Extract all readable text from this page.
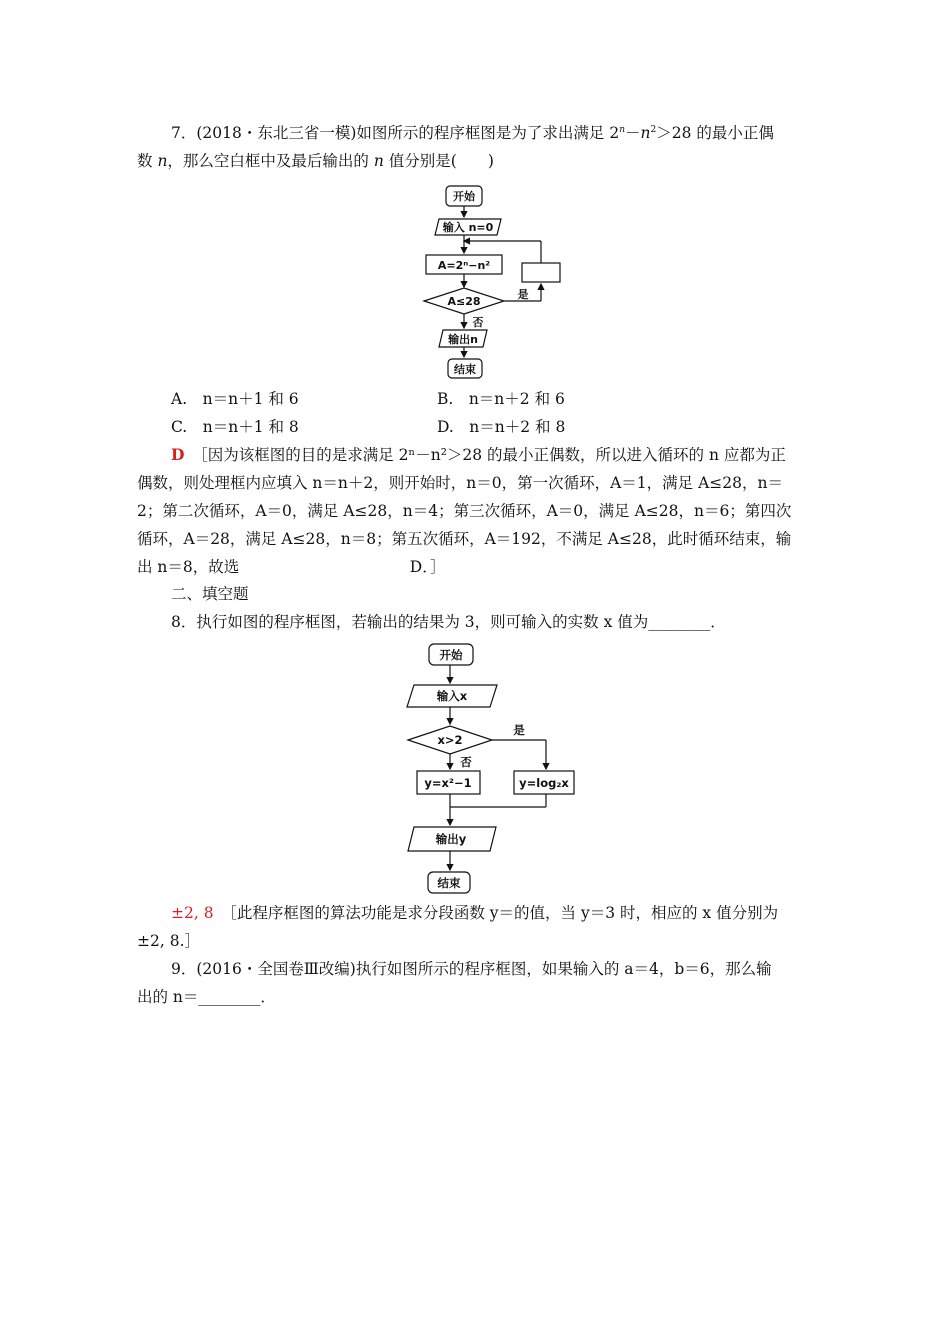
7．(2018・东北三省一模)如图所示的程序框图是为了求出满足 $2^n-n^2>28$ 的最小正偶
数 n，那么空白框中及最后输出的 n 值分别是(　　)
开始
输入 n=0
A=2ⁿ−n²
A≤28
是
否
输出n
结束
A.　n＝n＋1 和 6	B.　n＝n＋2 和 6
C.　n＝n＋1 和 8	D.　n＝n＋2 和 8
D　 ［因为该框图的目的是求满足 2ⁿ－n²＞28 的最小正偶数，所以进入循环的 n 应都为正
偶数，则处理框内应填入 n＝n＋2，则开始时，n＝0，第一次循环，A＝1，满足 A≤28，n＝
2；第二次循环，A＝0，满足 A≤28，n＝4；第三次循环，A＝0，满足 A≤28，n＝6；第四次
循环，A＝28，满足 A≤28，n＝8；第五次循环，A＝192，不满足 A≤28，此时循环结束，输
出 n＝8，故选　　　　　　　　　　　D．］
二、填空题
8．执行如图的程序框图，若输出的结果为 3，则可输入的实数 x 值为________．
开始
输入x
x>2
是
否
y=x²−1	y=log₂x
输出y
结束
±2, 8　 ［此程序框图的算法功能是求分段函数 y＝的值，当 y＝3 时，相应的 x 值分别为
±2, 8.］
9．(2016・全国卷Ⅲ改编)执行如图所示的程序框图，如果输入的 a＝4，b＝6，那么输
出的 n＝________．
